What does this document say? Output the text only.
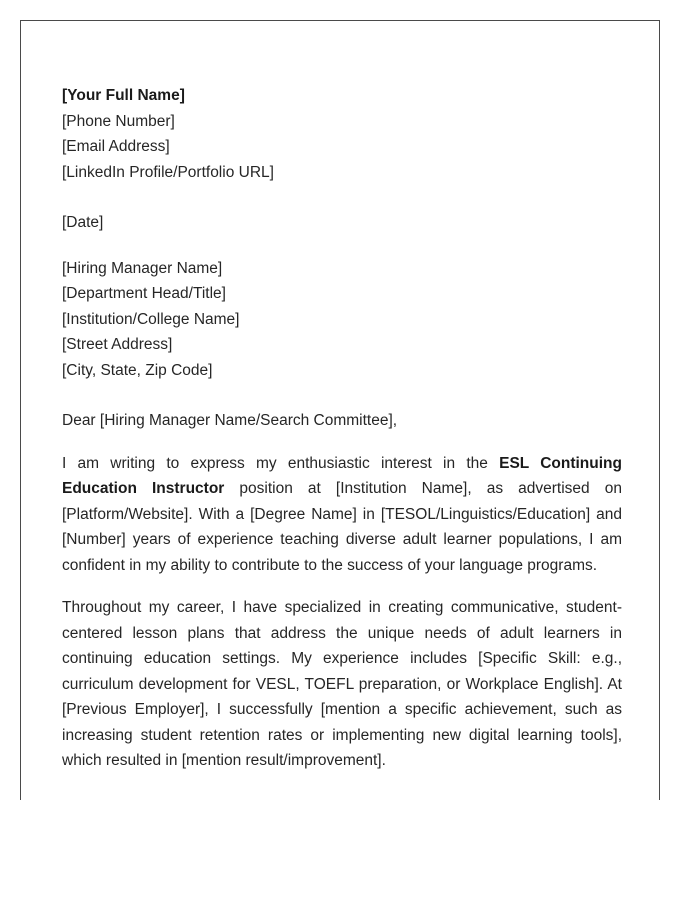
[Your Full Name]
[Phone Number]
[Email Address]
[LinkedIn Profile/Portfolio URL]
[Date]
[Hiring Manager Name]
[Department Head/Title]
[Institution/College Name]
[Street Address]
[City, State, Zip Code]
Dear [Hiring Manager Name/Search Committee],

I am writing to express my enthusiastic interest in the ESL Continuing Education Instructor position at [Institution Name], as advertised on [Platform/Website]. With a [Degree Name] in [TESOL/Linguistics/Education] and [Number] years of experience teaching diverse adult learner populations, I am confident in my ability to contribute to the success of your language programs.

Throughout my career, I have specialized in creating communicative, student-centered lesson plans that address the unique needs of adult learners in continuing education settings. My experience includes [Specific Skill: e.g., curriculum development for VESL, TOEFL preparation, or Workplace English]. At [Previous Employer], I successfully [mention a specific achievement, such as increasing student retention rates or implementing new digital learning tools], which resulted in [mention result/improvement].
